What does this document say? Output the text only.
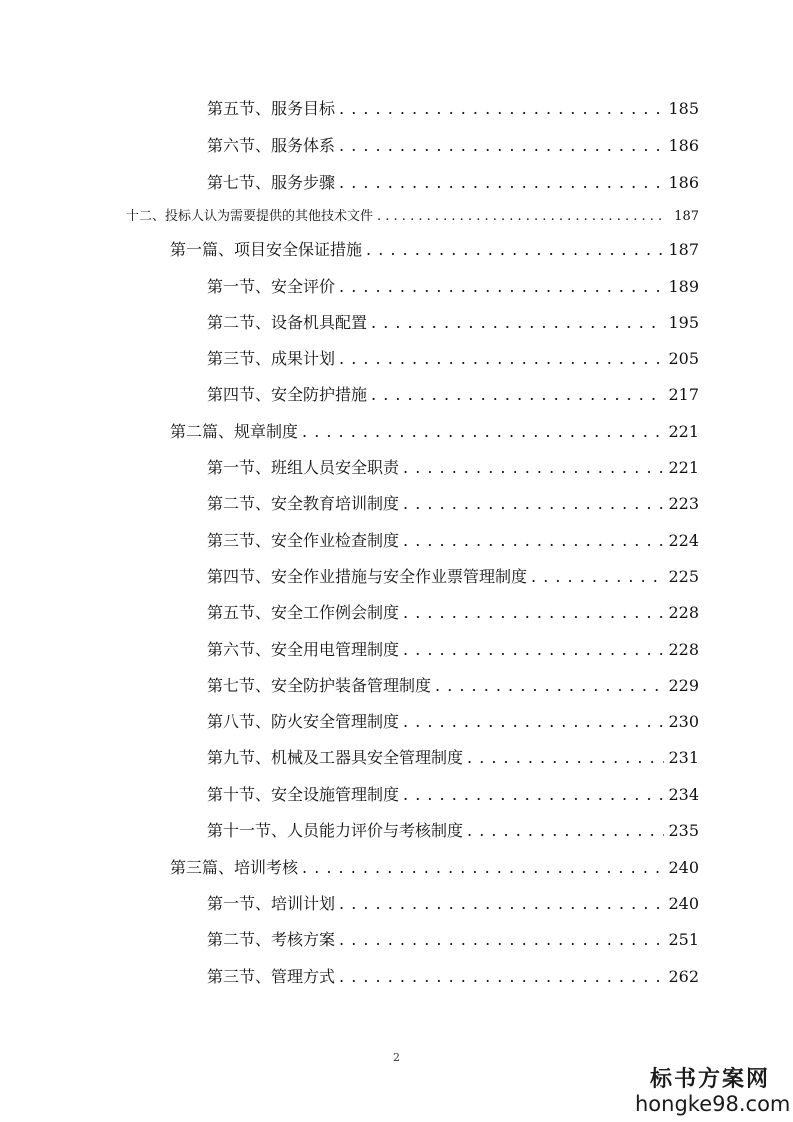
第五节、服务目标 . . .	185
第六节、服务体系 . . .	186
第七节、服务步骤 . . .	186
十二、投标人认为需要提供的其他技术文件 . . .	187
第一篇、项目安全保证措施 . . .	187
第一节、安全评价 . . .	189
第二节、设备机具配置 . . .	195
第三节、成果计划 . . .	205
第四节、安全防护措施 . . .	217
第二篇、规章制度 . . .	221
第一节、班组人员安全职责 . . .	221
第二节、安全教育培训制度 . . .	223
第三节、安全作业检查制度 . . .	224
第四节、安全作业措施与安全作业票管理制度 . . .	225
第五节、安全工作例会制度 . . .	228
第六节、安全用电管理制度 . . .	228
第七节、安全防护装备管理制度 . . .	229
第八节、防火安全管理制度 . . .	230
第九节、机械及工器具安全管理制度 . . .	231
第十节、安全设施管理制度 . . .	234
第十一节、人员能力评价与考核制度 . . .	235
第三篇、培训考核 . . .	240
第一节、培训计划 . . .	240
第二节、考核方案 . . .	251
第三节、管理方式 . . .	262
2
标书方案网
hongke98.com
